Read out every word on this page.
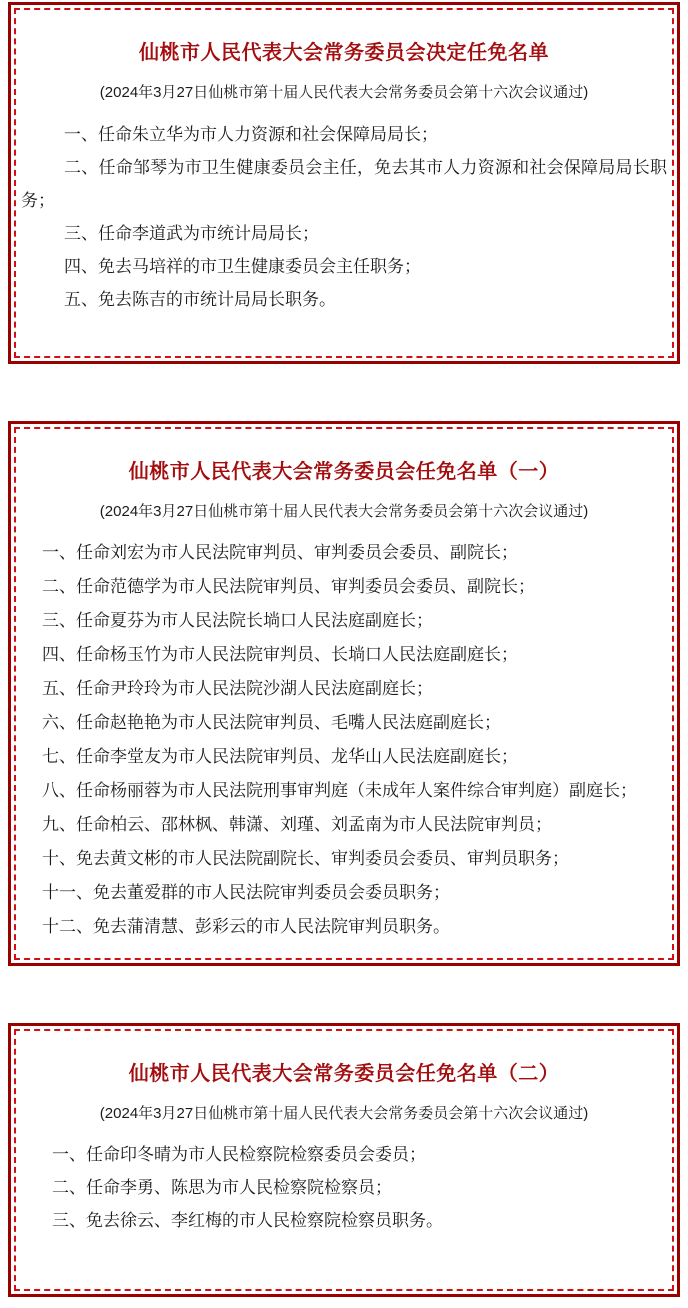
仙桃市人民代表大会常务委员会决定任免名单

(2024年3月27日仙桃市第十届人民代表大会常务委员会第十六次会议通过)

一、任命朱立华为市人力资源和社会保障局局长；

二、任命邹琴为市卫生健康委员会主任，免去其市人力资源和社会保障局局长职务；

三、任命李道武为市统计局局长；

四、免去马培祥的市卫生健康委员会主任职务；

五、免去陈吉的市统计局局长职务。

仙桃市人民代表大会常务委员会任免名单（一）

(2024年3月27日仙桃市第十届人民代表大会常务委员会第十六次会议通过)

一、任命刘宏为市人民法院审判员、审判委员会委员、副院长；

二、任命范德学为市人民法院审判员、审判委员会委员、副院长；

三、任命夏芬为市人民法院长埫口人民法庭副庭长；

四、任命杨玉竹为市人民法院审判员、长埫口人民法庭副庭长；

五、任命尹玲玲为市人民法院沙湖人民法庭副庭长；

六、任命赵艳艳为市人民法院审判员、毛嘴人民法庭副庭长；

七、任命李堂友为市人民法院审判员、龙华山人民法庭副庭长；

八、任命杨丽蓉为市人民法院刑事审判庭（未成年人案件综合审判庭）副庭长；

九、任命柏云、邵林枫、韩潇、刘瑾、刘孟南为市人民法院审判员；

十、免去黄文彬的市人民法院副院长、审判委员会委员、审判员职务；

十一、免去董爱群的市人民法院审判委员会委员职务；

十二、免去蒲清慧、彭彩云的市人民法院审判员职务。

仙桃市人民代表大会常务委员会任免名单（二）

(2024年3月27日仙桃市第十届人民代表大会常务委员会第十六次会议通过)

一、任命印冬晴为市人民检察院检察委员会委员；

二、任命李勇、陈思为市人民检察院检察员；

三、免去徐云、李红梅的市人民检察院检察员职务。
